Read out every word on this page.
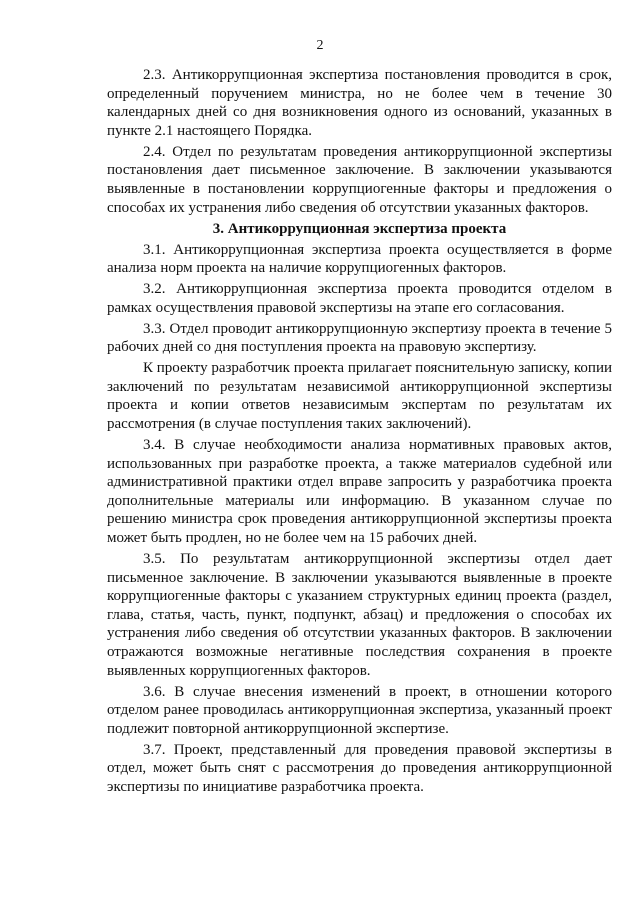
2

2.3. Антикоррупционная экспертиза постановления проводится в срок, определенный поручением министра, но не более чем в течение 30 календарных дней со дня возникновения одного из оснований, указанных в пункте 2.1 настоящего Порядка.

2.4. Отдел по результатам проведения антикоррупционной экспертизы постановления дает письменное заключение. В заключении указываются выявленные в постановлении коррупциогенные факторы и предложения о способах их устранения либо сведения об отсутствии указанных факторов.

3. Антикоррупционная экспертиза проекта

3.1. Антикоррупционная экспертиза проекта осуществляется в форме анализа норм проекта на наличие коррупциогенных факторов.

3.2. Антикоррупционная экспертиза проекта проводится отделом в рамках осуществления правовой экспертизы на этапе его согласования.

3.3. Отдел проводит антикоррупционную экспертизу проекта в течение 5 рабочих дней со дня поступления проекта на правовую экспертизу.

К проекту разработчик проекта прилагает пояснительную записку, копии заключений по результатам независимой антикоррупционной экспертизы проекта и копии ответов независимым экспертам по результатам их рассмотрения (в случае поступления таких заключений).

3.4. В случае необходимости анализа нормативных правовых актов, использованных при разработке проекта, а также материалов судебной или административной практики отдел вправе запросить у разработчика проекта дополнительные материалы или информацию. В указанном случае по решению министра срок проведения антикоррупционной экспертизы проекта может быть продлен, но не более чем на 15 рабочих дней.

3.5. По результатам антикоррупционной экспертизы отдел дает письменное заключение. В заключении указываются выявленные в проекте коррупциогенные факторы с указанием структурных единиц проекта (раздел, глава, статья, часть, пункт, подпункт, абзац) и предложения о способах их устранения либо сведения об отсутствии указанных факторов. В заключении отражаются возможные негативные последствия сохранения в проекте выявленных коррупциогенных факторов.

3.6. В случае внесения изменений в проект, в отношении которого отделом ранее проводилась антикоррупционная экспертиза, указанный проект подлежит повторной антикоррупционной экспертизе.

3.7. Проект, представленный для проведения правовой экспертизы в отдел, может быть снят с рассмотрения до проведения антикоррупционной экспертизы по инициативе разработчика проекта.
